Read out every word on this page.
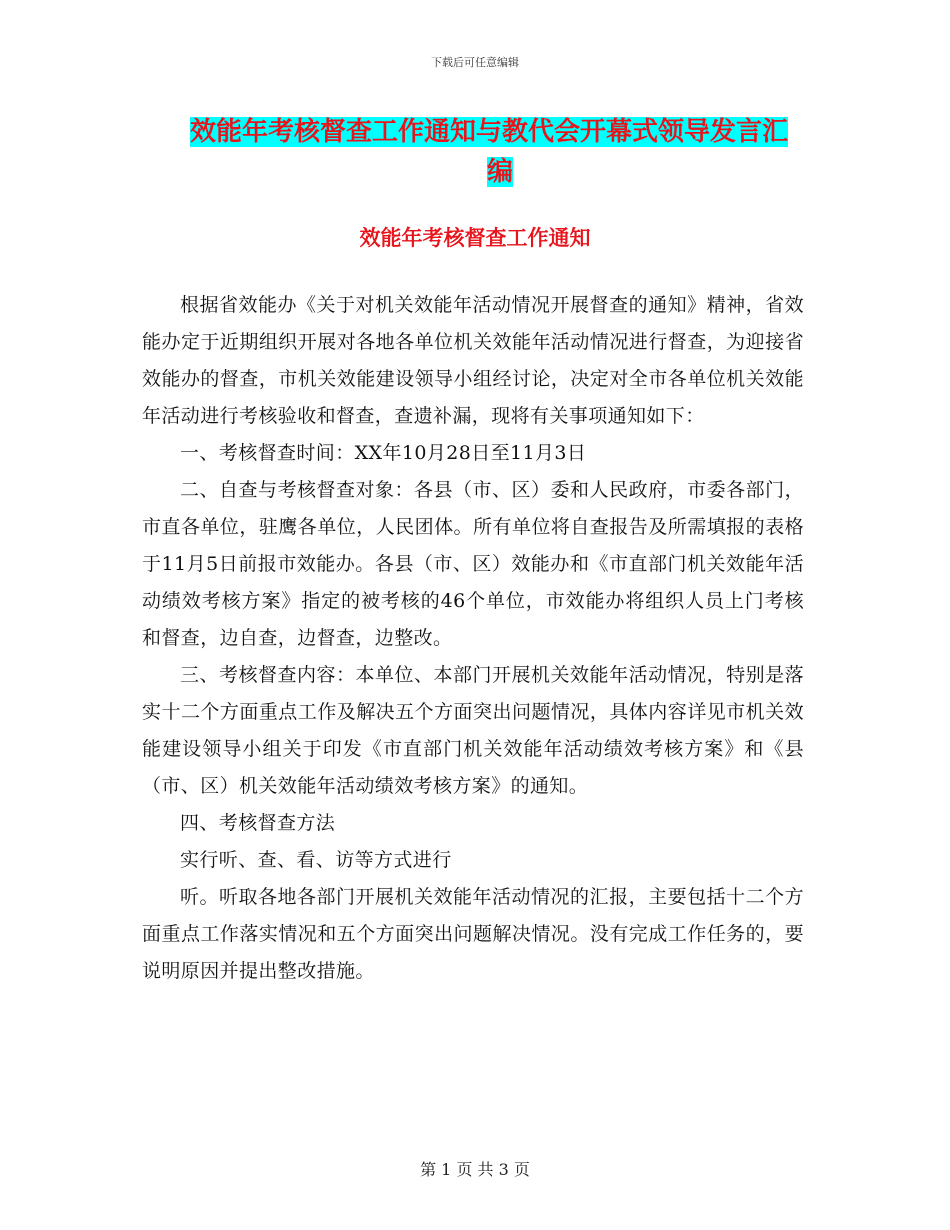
下载后可任意编辑
效能年考核督查工作通知与教代会开幕式领导发言汇
编
效能年考核督查工作通知

根据省效能办《关于对机关效能年活动情况开展督查的通知》精神，省效能办定于近期组织开展对各地各单位机关效能年活动情况进行督查，为迎接省效能办的督查，市机关效能建设领导小组经讨论，决定对全市各单位机关效能年活动进行考核验收和督查，查遗补漏，现将有关事项通知如下：

一、考核督查时间：XX年10月28日至11月3日

二、自查与考核督查对象：各县（市、区）委和人民政府，市委各部门，市直各单位，驻鹰各单位，人民团体。所有单位将自查报告及所需填报的表格于11月5日前报市效能办。各县（市、区）效能办和《市直部门机关效能年活动绩效考核方案》指定的被考核的46个单位，市效能办将组织人员上门考核和督查，边自查，边督查，边整改。

三、考核督查内容：本单位、本部门开展机关效能年活动情况，特别是落实十二个方面重点工作及解决五个方面突出问题情况，具体内容详见市机关效能建设领导小组关于印发《市直部门机关效能年活动绩效考核方案》和《县（市、区）机关效能年活动绩效考核方案》的通知。

四、考核督查方法

实行听、查、看、访等方式进行

听。听取各地各部门开展机关效能年活动情况的汇报，主要包括十二个方面重点工作落实情况和五个方面突出问题解决情况。没有完成工作任务的，要说明原因并提出整改措施。

第 1 页 共 3 页
